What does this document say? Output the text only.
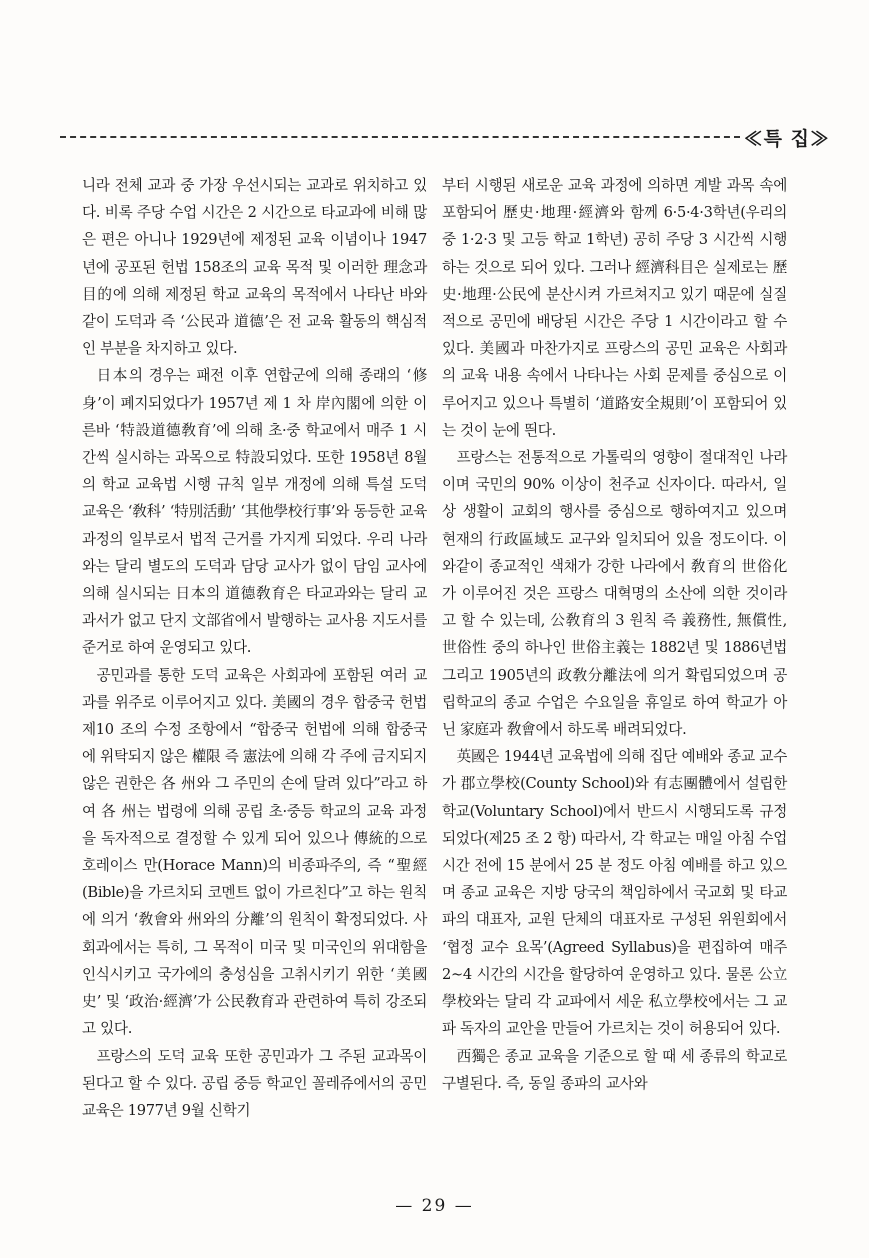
≪특 집≫

니라 전체 교과 중 가장 우선시되는 교과로 위치하고 있다. 비록 주당 수업 시간은 2 시간으로 타교과에 비해 많은 편은 아니나 1929년에 제정된 교육 이념이나 1947년에 공포된 헌법 158조의 교육 목적 및 이러한 理念과 目的에 의해 제정된 학교 교육의 목적에서 나타난 바와 같이 도덕과 즉 ‘公民과 道德’은 전 교육 활동의 핵심적인 부분을 차지하고 있다.

日本의 경우는 패전 이후 연합군에 의해 종래의 ‘修身’이 폐지되었다가 1957년 제 1 차 岸內閣에 의한 이른바 ‘特設道德敎育’에 의해 초·중 학교에서 매주 1 시간씩 실시하는 과목으로 特設되었다. 또한 1958년 8월의 학교 교육법 시행 규칙 일부 개정에 의해 특설 도덕 교육은 ‘敎科’ ‘特別活動’ ‘其他學校行事’와 동등한 교육 과정의 일부로서 법적 근거를 가지게 되었다. 우리 나라와는 달리 별도의 도덕과 담당 교사가 없이 담임 교사에 의해 실시되는 日本의 道德敎育은 타교과와는 달리 교과서가 없고 단지 文部省에서 발행하는 교사용 지도서를 준거로 하여 운영되고 있다.

공민과를 통한 도덕 교육은 사회과에 포함된 여러 교과를 위주로 이루어지고 있다. 美國의 경우 합중국 헌법 제10 조의 수정 조항에서 “합중국 헌법에 의해 합중국에 위탁되지 않은 權限 즉 憲法에 의해 각 주에 금지되지 않은 권한은 各 州와 그 주민의 손에 달려 있다”라고 하여 各 州는 법령에 의해 공립 초·중등 학교의 교육 과정을 독자적으로 결정할 수 있게 되어 있으나 傳統的으로 호레이스 만(Horace Mann)의 비종파주의, 즉 “聖經(Bible)을 가르치되 코멘트 없이 가르친다”고 하는 원칙에 의거 ‘敎會와 州와의 分離’의 원칙이 확정되었다. 사회과에서는 특히, 그 목적이 미국 및 미국인의 위대함을 인식시키고 국가에의 충성심을 고취시키기 위한 ‘美國史’ 및 ‘政治·經濟’가 公民敎育과 관련하여 특히 강조되고 있다.

프랑스의 도덕 교육 또한 공민과가 그 주된 교과목이 된다고 할 수 있다. 공립 중등 학교인 꼴레쥬에서의 공민 교육은 1977년 9월 신학기

부터 시행된 새로운 교육 과정에 의하면 계발 과목 속에 포함되어 歷史·地理·經濟와 함께 6·5·4·3학년(우리의 중 1·2·3 및 고등 학교 1학년) 공히 주당 3 시간씩 시행하는 것으로 되어 있다. 그러나 經濟科目은 실제로는 歷史·地理·公民에 분산시켜 가르쳐지고 있기 때문에 실질적으로 공민에 배당된 시간은 주당 1 시간이라고 할 수 있다. 美國과 마찬가지로 프랑스의 공민 교육은 사회과의 교육 내용 속에서 나타나는 사회 문제를 중심으로 이루어지고 있으나 특별히 ‘道路安全規則’이 포함되어 있는 것이 눈에 띈다.

프랑스는 전통적으로 가톨릭의 영향이 절대적인 나라이며 국민의 90% 이상이 천주교 신자이다. 따라서, 일상 생활이 교회의 행사를 중심으로 행하여지고 있으며 현재의 行政區域도 교구와 일치되어 있을 정도이다. 이와같이 종교적인 색채가 강한 나라에서 敎育의 世俗化가 이루어진 것은 프랑스 대혁명의 소산에 의한 것이라고 할 수 있는데, 公敎育의 3 원칙 즉 義務性, 無償性, 世俗性 중의 하나인 世俗主義는 1882년 및 1886년법 그리고 1905년의 政敎分離法에 의거 확립되었으며 공립학교의 종교 수업은 수요일을 휴일로 하여 학교가 아닌 家庭과 敎會에서 하도록 배려되었다.

英國은 1944년 교육법에 의해 집단 예배와 종교 교수가 郡立學校(County School)와 有志團體에서 설립한 학교(Voluntary School)에서 반드시 시행되도록 규정되었다(제25 조 2 항) 따라서, 각 학교는 매일 아침 수업 시간 전에 15 분에서 25 분 정도 아침 예배를 하고 있으며 종교 교육은 지방 당국의 책임하에서 국교회 및 타교파의 대표자, 교원 단체의 대표자로 구성된 위원회에서 ‘협정 교수 요목’(Agreed Syllabus)을 편집하여 매주 2∼4 시간의 시간을 할당하여 운영하고 있다. 물론 公立學校와는 달리 각 교파에서 세운 私立學校에서는 그 교파 독자의 교안을 만들어 가르치는 것이 허용되어 있다.

西獨은 종교 교육을 기준으로 할 때 세 종류의 학교로 구별된다. 즉, 동일 종파의 교사와

— 29 —
